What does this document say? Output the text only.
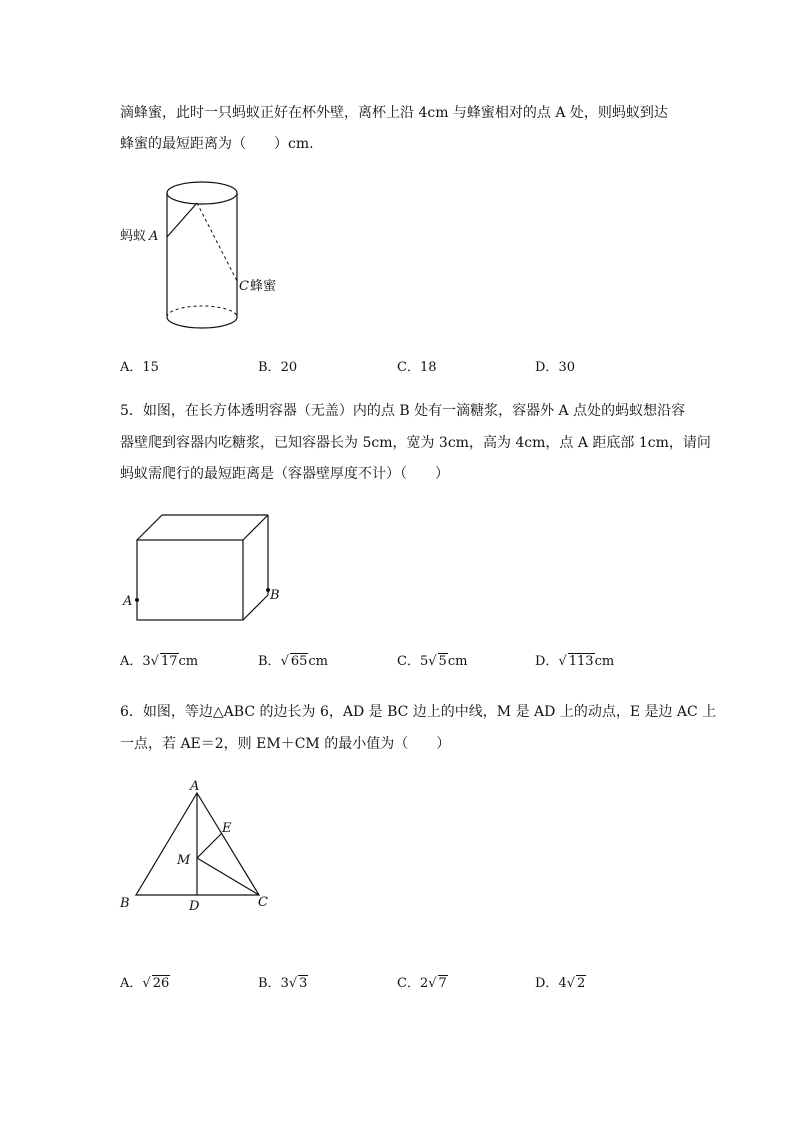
滴蜂蜜，此时一只蚂蚁正好在杯外壁，离杯上沿 4cm 与蜂蜜相对的点 A 处，则蚂蚁到达
蜂蜜的最短距离为（　　）cm.
蚂蚁 A
C 蜂蜜
A	B
A
B	C
D
E
M
A．15	B．20	C．18	D．30
5．如图，在长方体透明容器（无盖）内的点 B 处有一滴糖浆，容器外 A 点处的蚂蚁想沿容
器壁爬到容器内吃糖浆，已知容器长为 5cm，宽为 3cm，高为 4cm，点 A 距底部 1cm，请问
蚂蚁需爬行的最短距离是（容器壁厚度不计）（　　）
A．3√ 17cm	B．√ 65cm	C．5√ 5cm	D．√ 113cm
6．如图，等边△ABC 的边长为 6，AD 是 BC 边上的中线，M 是 AD 上的动点，E 是边 AC 上
一点，若 AE＝2，则 EM＋CM 的最小值为（　　）
A．√ 26	B．3√ 3	C．2√ 7	D．4√ 2
